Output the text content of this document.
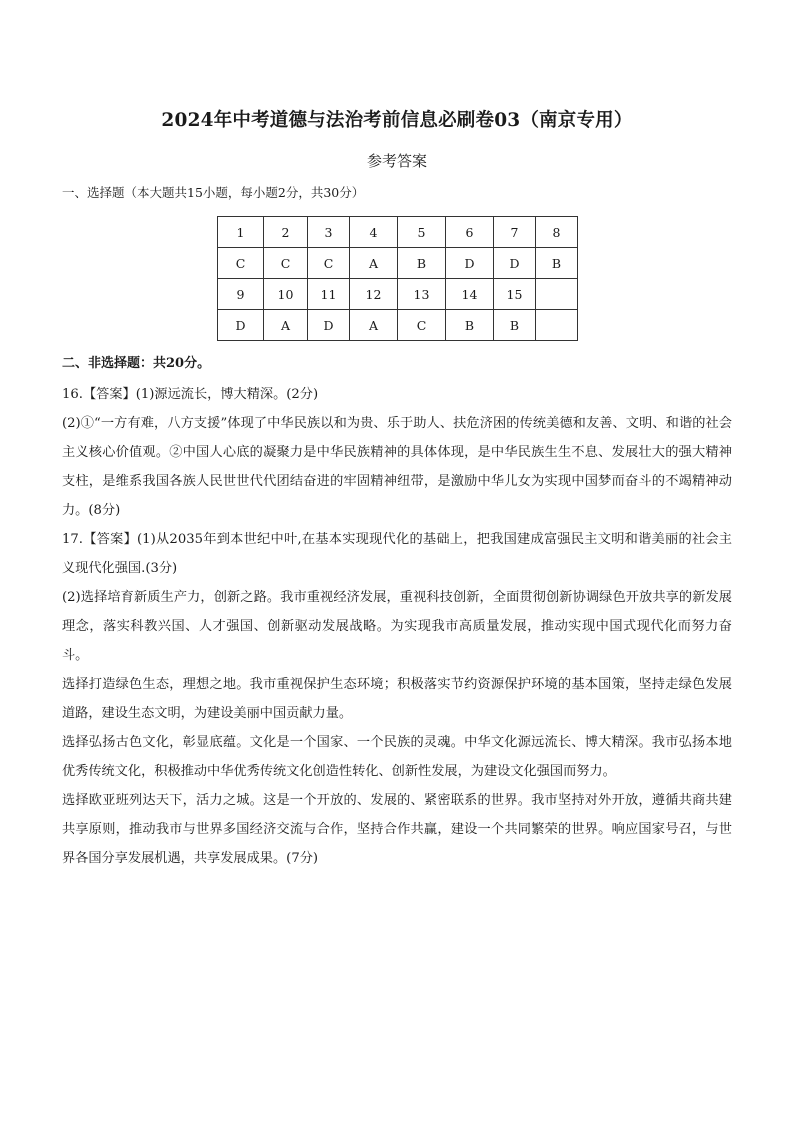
2024年中考道德与法治考前信息必刷卷03（南京专用）
参考答案
一、选择题（本大题共15小题，每小题2分，共30分）
1	2	3	4	5	6	7	8
C	C	C	A	B	D	D	B
9	10	11	12	13	14	15	
D	A	D	A	C	B	B	
二、非选择题：共20分。

16.【答案】(1)源远流长，博大精深。(2分)

(2)①“一方有难，八方支援”体现了中华民族以和为贵、乐于助人、扶危济困的传统美德和友善、文明、和谐的社会主义核心价值观。②中国人心底的凝聚力是中华民族精神的具体体现，是中华民族生生不息、发展壮大的强大精神支柱，是维系我国各族人民世世代代团结奋进的牢固精神纽带，是激励中华儿女为实现中国梦而奋斗的不竭精神动力。(8分)

17.【答案】(1)从2035年到本世纪中叶,在基本实现现代化的基础上，把我国建成富强民主文明和谐美丽的社会主义现代化强国.(3分)

(2)选择培育新质生产力，创新之路。我市重视经济发展，重视科技创新，全面贯彻创新协调绿色开放共享的新发展理念，落实科教兴国、人才强国、创新驱动发展战略。为实现我市高质量发展，推动实现中国式现代化而努力奋斗。

选择打造绿色生态，理想之地。我市重视保护生态环境；积极落实节约资源保护环境的基本国策，坚持走绿色发展道路，建设生态文明，为建设美丽中国贡献力量。

选择弘扬古色文化，彰显底蕴。文化是一个国家、一个民族的灵魂。中华文化源远流长、博大精深。我市弘扬本地优秀传统文化，积极推动中华优秀传统文化创造性转化、创新性发展，为建设文化强国而努力。

选择欧亚班列达天下，活力之城。这是一个开放的、发展的、紧密联系的世界。我市坚持对外开放，遵循共商共建共享原则，推动我市与世界多国经济交流与合作，坚持合作共赢，建设一个共同繁荣的世界。响应国家号召，与世界各国分享发展机遇，共享发展成果。(7分)
